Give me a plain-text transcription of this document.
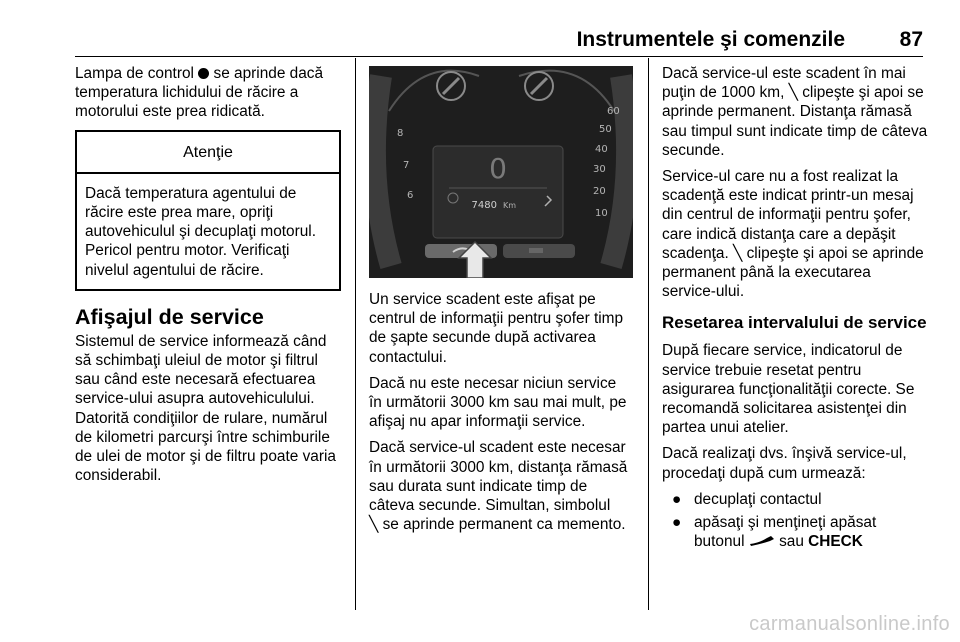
Instrumentele şi comenzile	87

Lampa de control se aprinde dacă temperatura lichidului de răcire a motorului este prea ridicată.

Atenţie
Dacă temperatura agentului de răcire este prea mare, opriţi autovehiculul şi decuplaţi motorul. Pericol pentru motor. Verificaţi nivelul agentului de răcire.
Afişajul de service

Sistemul de service informează când să schimbaţi uleiul de motor şi filtrul sau când este necesară efectuarea service-ului asupra autovehiculului. Datorită condiţiilor de rulare, numărul de kilometri parcurşi între schimburile de ulei de motor şi de filtru poate varia considerabil.

7
8
6
10
20
30
40
50
60
0
7480 Km

Un service scadent este afişat pe centrul de informaţii pentru şofer timp de şapte secunde după activarea contactului.

Dacă nu este necesar niciun service în următorii 3000 km sau mai mult, pe afişaj nu apar informaţii service.

Dacă service-ul scadent este necesar în următorii 3000 km, distanţa rămasă sau durata sunt indicate timp de câteva secunde. Simultan, simbolul
╲ se aprinde permanent ca memento.

Dacă service-ul este scadent în mai puţin de 1000 km, ╲ clipeşte şi apoi se aprinde permanent. Distanţa rămasă sau timpul sunt indicate timp de câteva secunde.

Service-ul care nu a fost realizat la scadenţă este indicat printr-un mesaj din centrul de informaţii pentru şofer, care indică distanţa care a depăşit scadenţa. ╲ clipeşte şi apoi se aprinde permanent până la executarea service-ului.

Resetarea intervalului de service

După fiecare service, indicatorul de service trebuie resetat pentru asigurarea funcţionalităţii corecte. Se recomandă solicitarea asistenţei din partea unui atelier.

Dacă realizaţi dvs. înşivă service-ul, procedaţi după cum urmează:

● decuplaţi contactul
● apăsaţi şi menţineţi apăsat butonul sau CHECK
carmanualsonline.info
